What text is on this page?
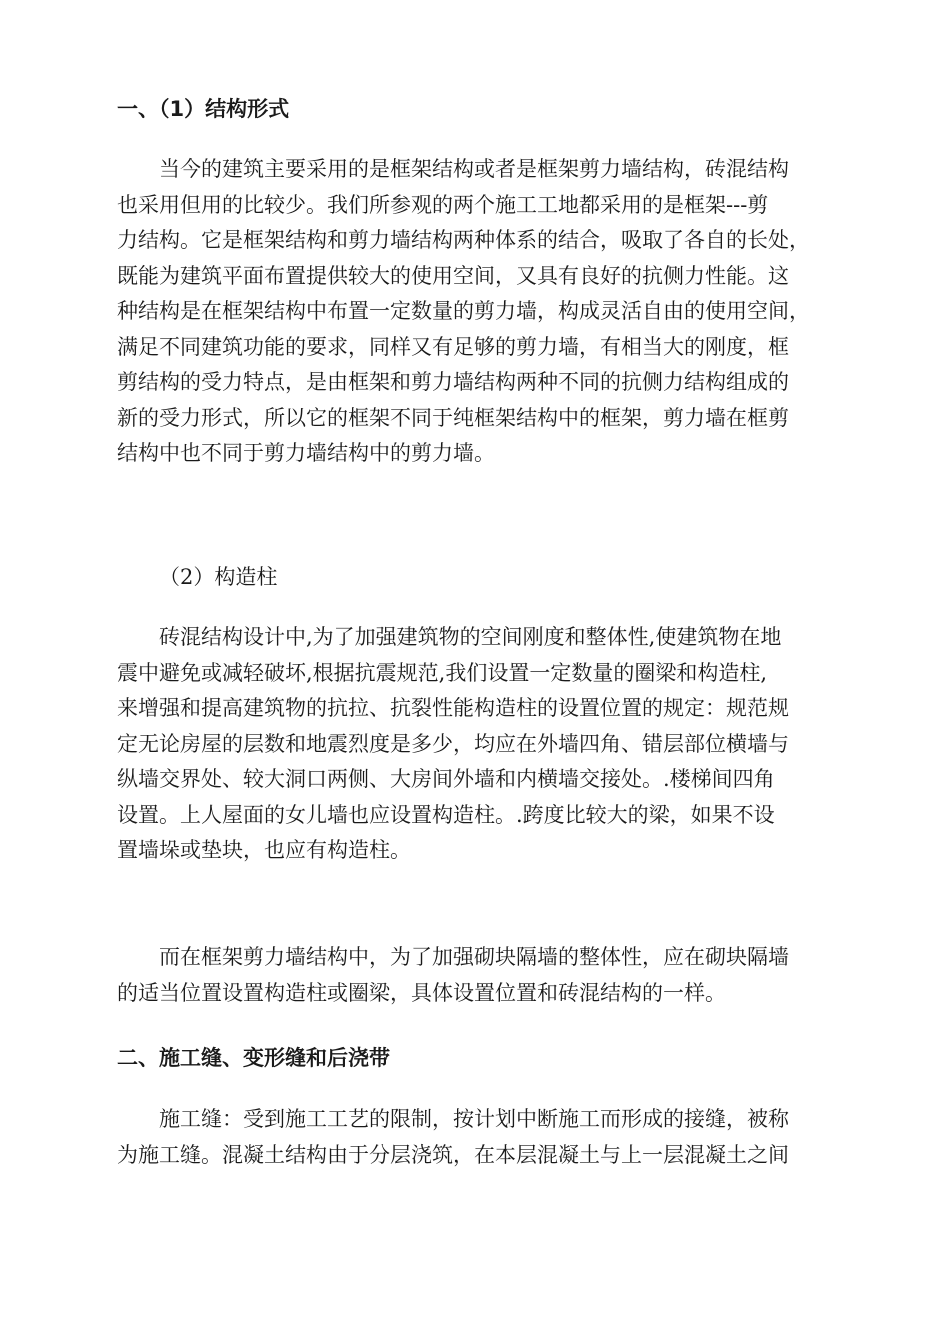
一、（1）结构形式
当今的建筑主要采用的是框架结构或者是框架剪力墙结构，砖混结构
也采用但用的比较少。我们所参观的两个施工工地都采用的是框架---剪
力结构。它是框架结构和剪力墙结构两种体系的结合，吸取了各自的长处，
既能为建筑平面布置提供较大的使用空间，又具有良好的抗侧力性能。这
种结构是在框架结构中布置一定数量的剪力墙，构成灵活自由的使用空间，
满足不同建筑功能的要求，同样又有足够的剪力墙，有相当大的刚度，框
剪结构的受力特点，是由框架和剪力墙结构两种不同的抗侧力结构组成的
新的受力形式，所以它的框架不同于纯框架结构中的框架，剪力墙在框剪
结构中也不同于剪力墙结构中的剪力墙。
（2）构造柱
砖混结构设计中,为了加强建筑物的空间刚度和整体性,使建筑物在地
震中避免或减轻破坏,根据抗震规范,我们设置一定数量的圈梁和构造柱,
来增强和提高建筑物的抗拉、抗裂性能构造柱的设置位置的规定：规范规
定无论房屋的层数和地震烈度是多少，均应在外墙四角、错层部位横墙与
纵墙交界处、较大洞口两侧、大房间外墙和内横墙交接处。.楼梯间四角
设置。上人屋面的女儿墙也应设置构造柱。.跨度比较大的梁，如果不设
置墙垛或垫块，也应有构造柱。
而在框架剪力墙结构中，为了加强砌块隔墙的整体性，应在砌块隔墙
的适当位置设置构造柱或圈梁，具体设置位置和砖混结构的一样。
二、施工缝、变形缝和后浇带
施工缝：受到施工工艺的限制，按计划中断施工而形成的接缝，被称
为施工缝。混凝土结构由于分层浇筑，在本层混凝土与上一层混凝土之间
